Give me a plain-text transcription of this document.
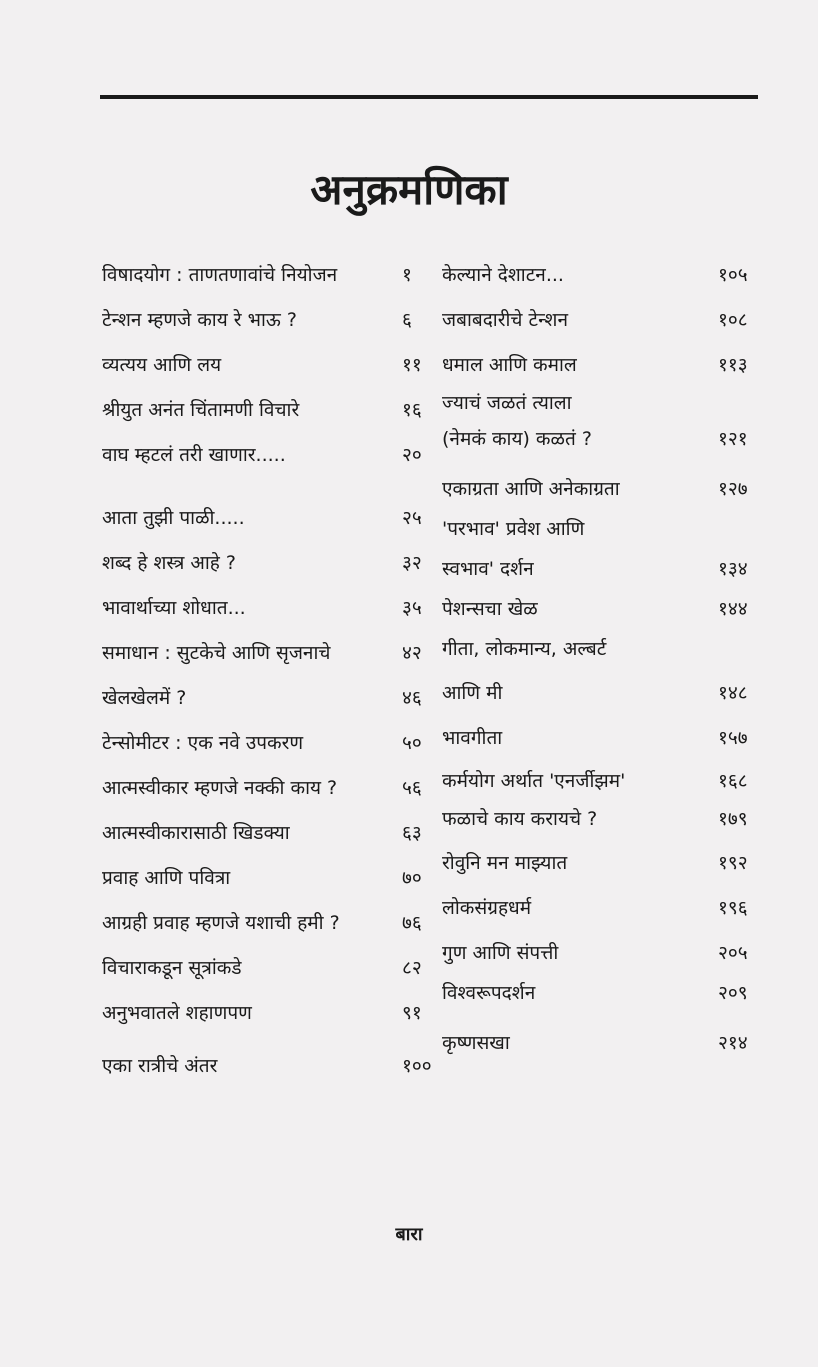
अनुक्रमणिका
विषादयोग : ताणतणावांचे नियोजन	१
टेन्शन म्हणजे काय रे भाऊ ?	६
व्यत्यय आणि लय	११
श्रीयुत अनंत चिंतामणी विचारे	१६
वाघ म्हटलं तरी खाणार.....	२०
आता तुझी पाळी.....	२५
शब्द हे शस्त्र आहे ?	३२
भावार्थाच्या शोधात...	३५
समाधान : सुटकेचे आणि सृजनाचे	४२
खेलखेलमें ?	४६
टेन्सोमीटर : एक नवे उपकरण	५०
आत्मस्वीकार म्हणजे नक्की काय ?	५६
आत्मस्वीकारासाठी खिडक्या	६३
प्रवाह आणि पवित्रा	७०
आग्रही प्रवाह म्हणजे यशाची हमी ?	७६
विचाराकडून सूत्रांकडे	८२
अनुभवातले शहाणपण	९१
एका रात्रीचे अंतर	१००
केल्याने देशाटन...	१०५
जबाबदारीचे टेन्शन	१०८
धमाल आणि कमाल	११३
ज्याचं जळतं त्याला
(नेमकं काय) कळतं ?	१२१
एकाग्रता आणि अनेकाग्रता	१२७
'परभाव' प्रवेश आणि
स्वभाव' दर्शन	१३४
पेशन्सचा खेळ	१४४
गीता, लोकमान्य, अल्बर्ट
आणि मी	१४८
भावगीता	१५७
कर्मयोग अर्थात 'एनर्जीझम'	१६८
फळाचे काय करायचे ?	१७९
रोवुनि मन माझ्यात	१९२
लोकसंग्रहधर्म	१९६
गुण आणि संपत्ती	२०५
विश्वरूपदर्शन	२०९
कृष्णसखा	२१४
बारा
